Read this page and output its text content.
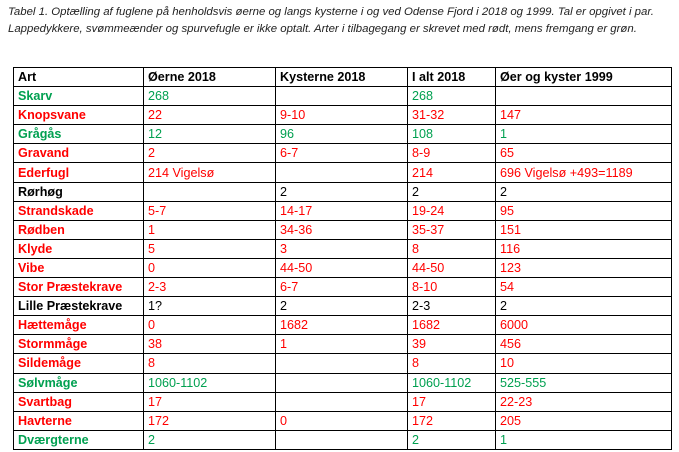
Tabel 1. Optælling af fuglene på henholdsvis øerne og langs kysterne i og ved Odense Fjord i 2018 og 1999. Tal er opgivet i par. Lappedykkere, svømmeænder og spurvefugle er ikke optalt. Arter i tilbagegang er skrevet med rødt, mens fremgang er grøn.
Art	Øerne 2018	Kysterne 2018	I alt 2018	Øer og kyster 1999
Skarv	268		268	
Knopsvane	22	9-10	31-32	147
Grågås	12	96	108	1
Gravand	2	6-7	8-9	65
Ederfugl	214 Vigelsø		214	696 Vigelsø +493=1189
Rørhøg		2	2	2
Strandskade	5-7	14-17	19-24	95
Rødben	1	34-36	35-37	151
Klyde	5	3	8	116
Vibe	0	44-50	44-50	123
Stor Præstekrave	2-3	6-7	8-10	54
Lille Præstekrave	1?	2	2-3	2
Hættemåge	0	1682	1682	6000
Stormmåge	38	1	39	456
Sildemåge	8		8	10
Sølvmåge	1060-1102		1060-1102	525-555
Svartbag	17		17	22-23
Havterne	172	0	172	205
Dværgterne	2		2	1
